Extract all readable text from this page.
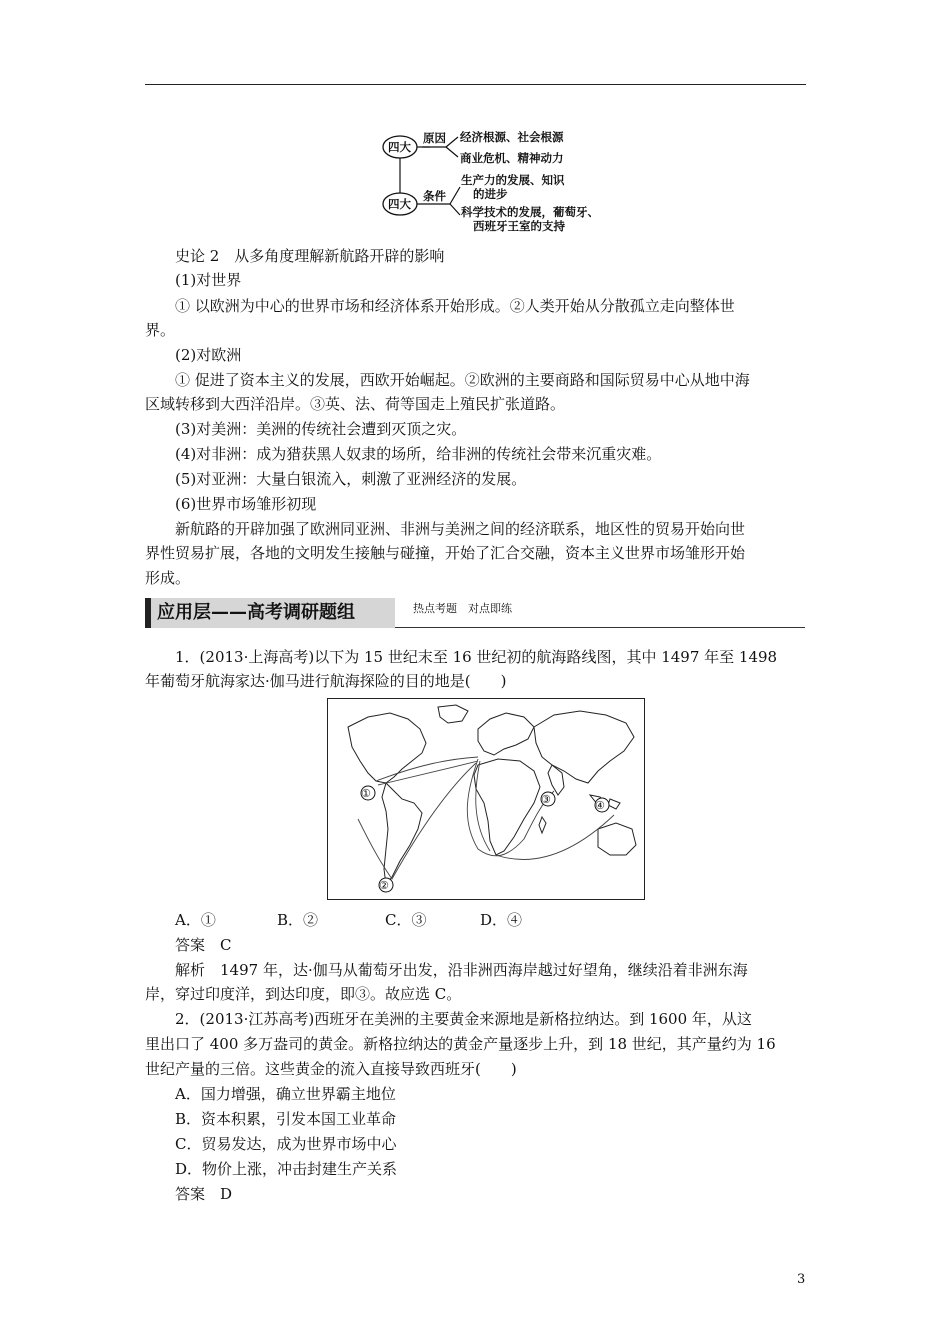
四大
原因 经济根源、社会根源
商业危机、精神动力
四大
条件
生产力的发展、知识
的进步
科学技术的发展，葡萄牙、
西班牙王室的支持
史论 2　从多角度理解新航路开辟的影响
(1)对世界
① 以欧洲为中心的世界市场和经济体系开始形成。②人类开始从分散孤立走向整体世
界。
(2)对欧洲
① 促进了资本主义的发展，西欧开始崛起。②欧洲的主要商路和国际贸易中心从地中海
区域转移到大西洋沿岸。③英、法、荷等国走上殖民扩张道路。
(3)对美洲：美洲的传统社会遭到灭顶之灾。
(4)对非洲：成为猎获黑人奴隶的场所，给非洲的传统社会带来沉重灾难。
(5)对亚洲：大量白银流入，刺激了亚洲经济的发展。
(6)世界市场雏形初现
新航路的开辟加强了欧洲同亚洲、非洲与美洲之间的经济联系，地区性的贸易开始向世
界性贸易扩展，各地的文明发生接触与碰撞，开始了汇合交融，资本主义世界市场雏形开始
形成。
应用层——高考调研题组	热点考题　对点即练
1．(2013·上海高考)以下为 15 世纪末至 16 世纪初的航海路线图，其中 1497 年至 1498
年葡萄牙航海家达·伽马进行航海探险的目的地是(　　)
①
②
③	④
A．①	B．②	C．③	D．④
答案　C
解析　1497 年，达·伽马从葡萄牙出发，沿非洲西海岸越过好望角，继续沿着非洲东海
岸，穿过印度洋，到达印度，即③。故应选 C。
2．(2013·江苏高考)西班牙在美洲的主要黄金来源地是新格拉纳达。到 1600 年，从这
里出口了 400 多万盎司的黄金。新格拉纳达的黄金产量逐步上升，到 18 世纪，其产量约为 16
世纪产量的三倍。这些黄金的流入直接导致西班牙(　　)
A．国力增强，确立世界霸主地位
B．资本积累，引发本国工业革命
C．贸易发达，成为世界市场中心
D．物价上涨，冲击封建生产关系
答案　D
3
